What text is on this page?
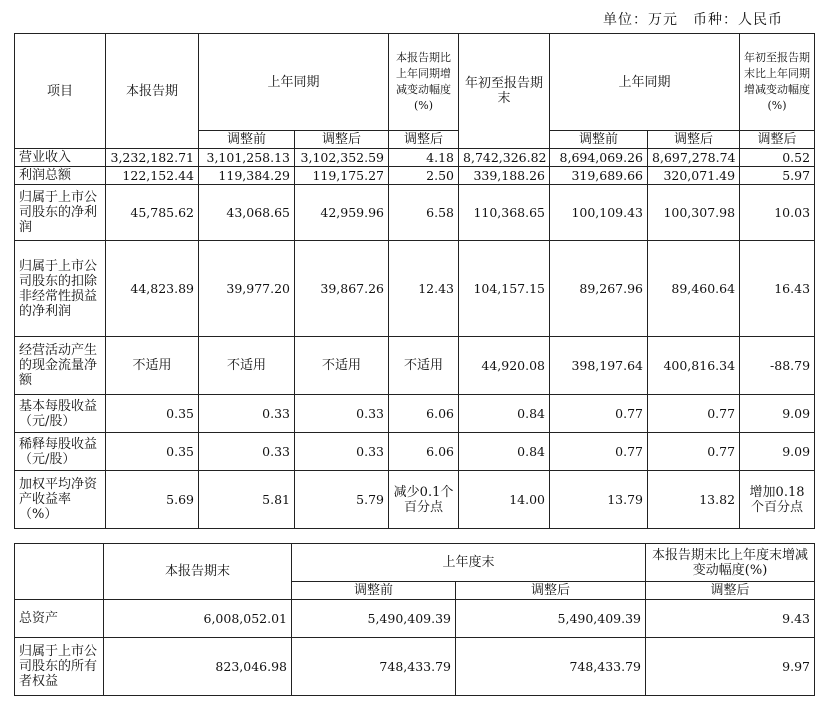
单位：万元　币种：人民币
项目	本报告期	上年同期		本报告期比上年同期增减变动幅度(%)	年初至报告期末	上年同期		年初至报告期末比上年同期增减变动幅度(%)
		调整前	调整后	调整后		调整前	调整后	调整后
营业收入	3,232,182.71	3,101,258.13	3,102,352.59	4.18	8,742,326.82	8,694,069.26	8,697,278.74	0.52
利润总额	122,152.44	119,384.29	119,175.27	2.50	339,188.26	319,689.66	320,071.49	5.97
归属于上市公司股东的净利润	45,785.62	43,068.65	42,959.96	6.58	110,368.65	100,109.43	100,307.98	10.03
归属于上市公司股东的扣除非经常性损益的净利润	44,823.89	39,977.20	39,867.26	12.43	104,157.15	89,267.96	89,460.64	16.43
经营活动产生的现金流量净额	不适用	不适用	不适用	不适用	44,920.08	398,197.64	400,816.34	-88.79
基本每股收益（元/股）	0.35	0.33	0.33	6.06	0.84	0.77	0.77	9.09
稀释每股收益（元/股）	0.35	0.33	0.33	6.06	0.84	0.77	0.77	9.09
加权平均净资产收益率（%）	5.69	5.81	5.79	减少0.1个百分点	14.00	13.79	13.82	增加0.18个百分点
	本报告期末	上年度末		本报告期末比上年度末增减变动幅度(%)
		调整前	调整后	调整后
总资产	6,008,052.01	5,490,409.39	5,490,409.39	9.43
归属于上市公司股东的所有者权益	823,046.98	748,433.79	748,433.79	9.97
